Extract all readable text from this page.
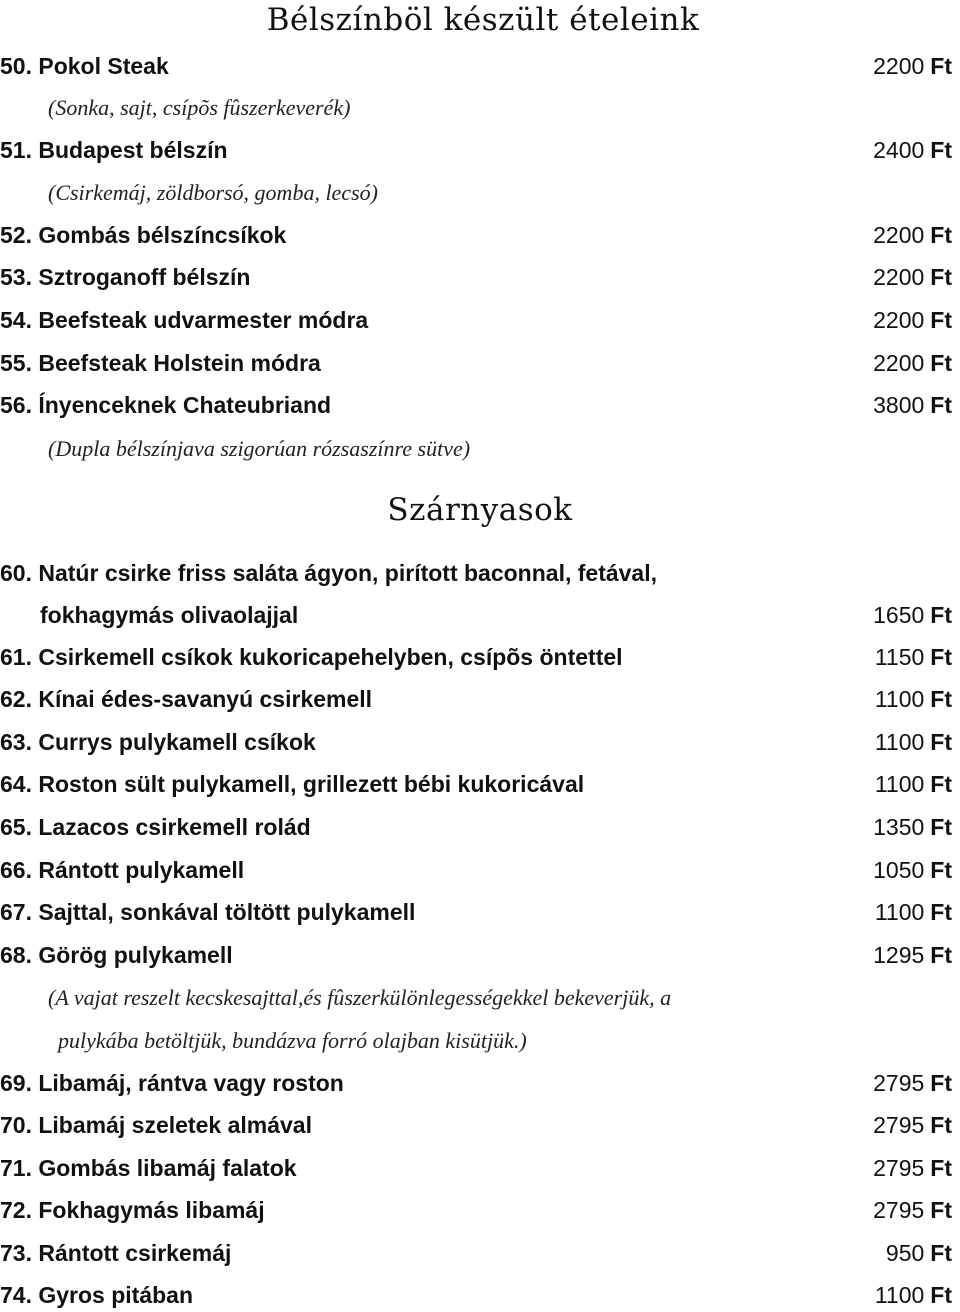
Bélszínböl készült ételeink
50. Pokol Steak	2200 Ft
(Sonka, sajt, csípõs fûszerkeverék)
51. Budapest bélszín	2400 Ft
(Csirkemáj, zöldborsó, gomba, lecsó)
52. Gombás bélszíncsíkok	2200 Ft
53. Sztroganoff bélszín	2200 Ft
54. Beefsteak udvarmester módra	2200 Ft
55. Beefsteak Holstein módra	2200 Ft
56. Ínyenceknek Chateubriand	3800 Ft
(Dupla bélszínjava szigorúan rózsaszínre sütve)
Szárnyasok
60. Natúr csirke friss saláta ágyon, pirított baconnal, fetával,
fokhagymás olivaolajjal	1650 Ft
61. Csirkemell csíkok kukoricapehelyben, csípõs öntettel	1150 Ft
62. Kínai édes-savanyú csirkemell	1100 Ft
63. Currys pulykamell csíkok	1100 Ft
64. Roston sült pulykamell, grillezett bébi kukoricával	1100 Ft
65. Lazacos csirkemell rolád	1350 Ft
66. Rántott pulykamell	1050 Ft
67. Sajttal, sonkával töltött pulykamell	1100 Ft
68. Görög pulykamell	1295 Ft
(A vajat reszelt kecskesajttal,és fûszerkülönlegességekkel bekeverjük, a
pulykába betöltjük, bundázva forró olajban kisütjük.)
69. Libamáj, rántva vagy roston	2795 Ft
70. Libamáj szeletek almával	2795 Ft
71. Gombás libamáj falatok	2795 Ft
72. Fokhagymás libamáj	2795 Ft
73. Rántott csirkemáj	950 Ft
74. Gyros pitában	1100 Ft
